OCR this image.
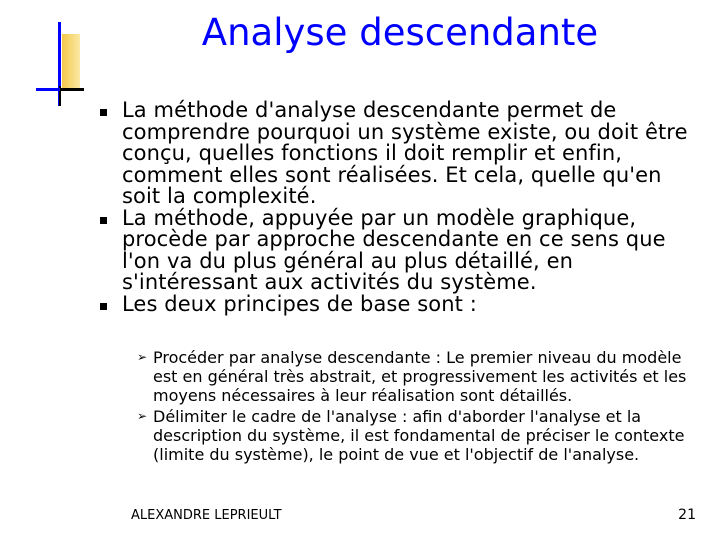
Analyse descendante
La méthode d'analyse descendante permet de comprendre pourquoi un système existe, ou doit être conçu, quelles fonctions il doit remplir et enfin, comment elles sont réalisées. Et cela, quelle qu'en soit la complexité.
La méthode, appuyée par un modèle graphique, procède par approche descendante en ce sens que l'on va du plus général au plus détaillé, en s'intéressant aux activités du système.
Les deux principes de base sont :
➢ Procéder par analyse descendante : Le premier niveau du modèle est en général très abstrait, et progressivement les activités et les moyens nécessaires à leur réalisation sont détaillés.
➢ Délimiter le cadre de l'analyse : afin d'aborder l'analyse et la description du système, il est fondamental de préciser le contexte (limite du système), le point de vue et l'objectif de l'analyse.
ALEXANDRE LEPRIEULT	21
